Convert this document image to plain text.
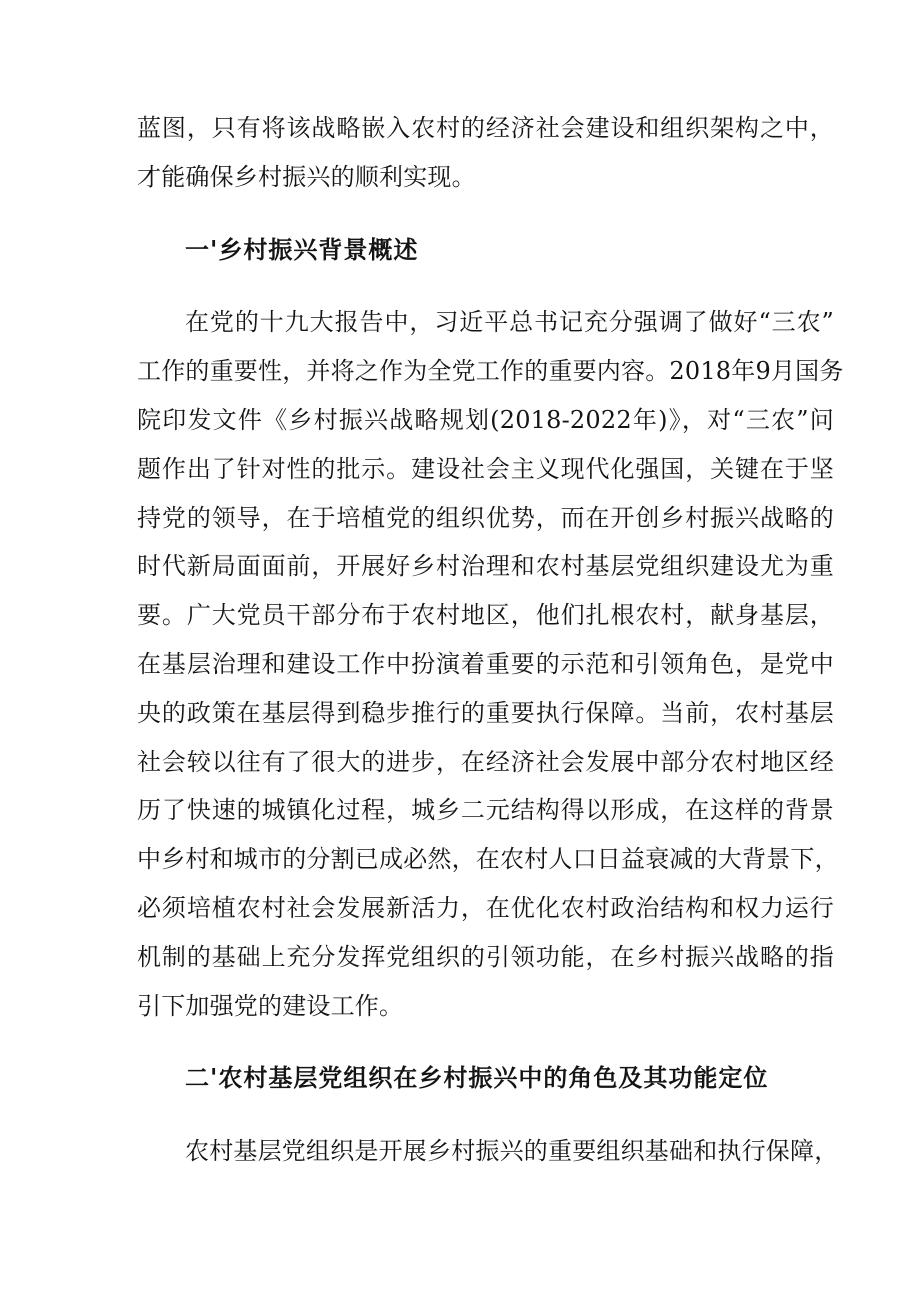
蓝图，只有将该战略嵌入农村的经济社会建设和组织架构之中，
才能确保乡村振兴的顺利实现。
一'乡村振兴背景概述
在党的十九大报告中，习近平总书记充分强调了做好“三农”
工作的重要性，并将之作为全党工作的重要内容。2018年9月国务
院印发文件《乡村振兴战略规划(2018-2022年)》，对“三农”问
题作出了针对性的批示。建设社会主义现代化强国，关键在于坚
持党的领导，在于培植党的组织优势，而在开创乡村振兴战略的
时代新局面面前，开展好乡村治理和农村基层党组织建设尤为重
要。广大党员干部分布于农村地区，他们扎根农村，献身基层，
在基层治理和建设工作中扮演着重要的示范和引领角色，是党中
央的政策在基层得到稳步推行的重要执行保障。当前，农村基层
社会较以往有了很大的进步，在经济社会发展中部分农村地区经
历了快速的城镇化过程，城乡二元结构得以形成，在这样的背景
中乡村和城市的分割已成必然，在农村人口日益衰减的大背景下，
必须培植农村社会发展新活力，在优化农村政治结构和权力运行
机制的基础上充分发挥党组织的引领功能，在乡村振兴战略的指
引下加强党的建设工作。
二'农村基层党组织在乡村振兴中的角色及其功能定位
农村基层党组织是开展乡村振兴的重要组织基础和执行保障，
